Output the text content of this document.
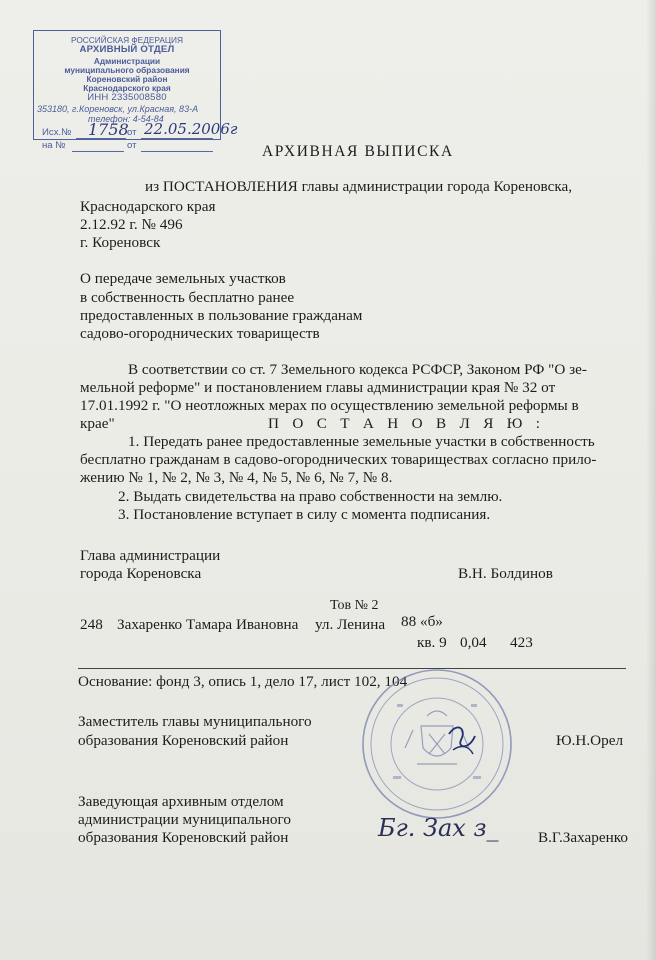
РОССИЙСКАЯ ФЕДЕРАЦИЯ
АРХИВНЫЙ ОТДЕЛ
Администрации
муниципального образования
Кореновский район
Краснодарского края
ИНН 2335008580
353180, г.Кореновск, ул.Красная, 83-А
телефон: 4-54-84
Исх.№ 1758
от 22.05.2006г
на №	от	АРХИВНАЯ ВЫПИСКА
из ПОСТАНОВЛЕНИЯ главы администрации города Кореновска,
Краснодарского края
2.12.92 г. № 496
г. Кореновск
О передаче земельных участков
в собственность бесплатно ранее
предоставленных в пользование гражданам
садово-огороднических товариществ
В соответствии со ст. 7 Земельного кодекса РСФСР, Законом РФ "О зе-
мельной реформе" и постановлением главы администрации края № 32 от
17.01.1992 г. "О неотложных мерах по осуществлению земельной реформы в
крае"	П О С Т А Н О В Л Я Ю :
1. Передать ранее предоставленные земельные участки в собственность
бесплатно гражданам в садово-огороднических товариществах согласно прило-
жению № 1, № 2, № 3, № 4, № 5, № 6, № 7, № 8.
2. Выдать свидетельства на право собственности на землю.
3. Постановление вступает в силу с момента подписания.
Глава администрации
города Кореновска	В.Н. Болдинов
Тов № 2
248 Захаренко Тамара Ивановна ул. Ленина 88 «б»
кв. 9 0,04 423
Основание: фонд 3, опись 1, дело 17, лист 102, 104
Заместитель главы муниципального
образования Кореновский район	Ю.Н.Орел
Заведующая архивным отделом
администрации муниципального
образования Кореновский район	Бг. Зах з_	В.Г.Захаренко
